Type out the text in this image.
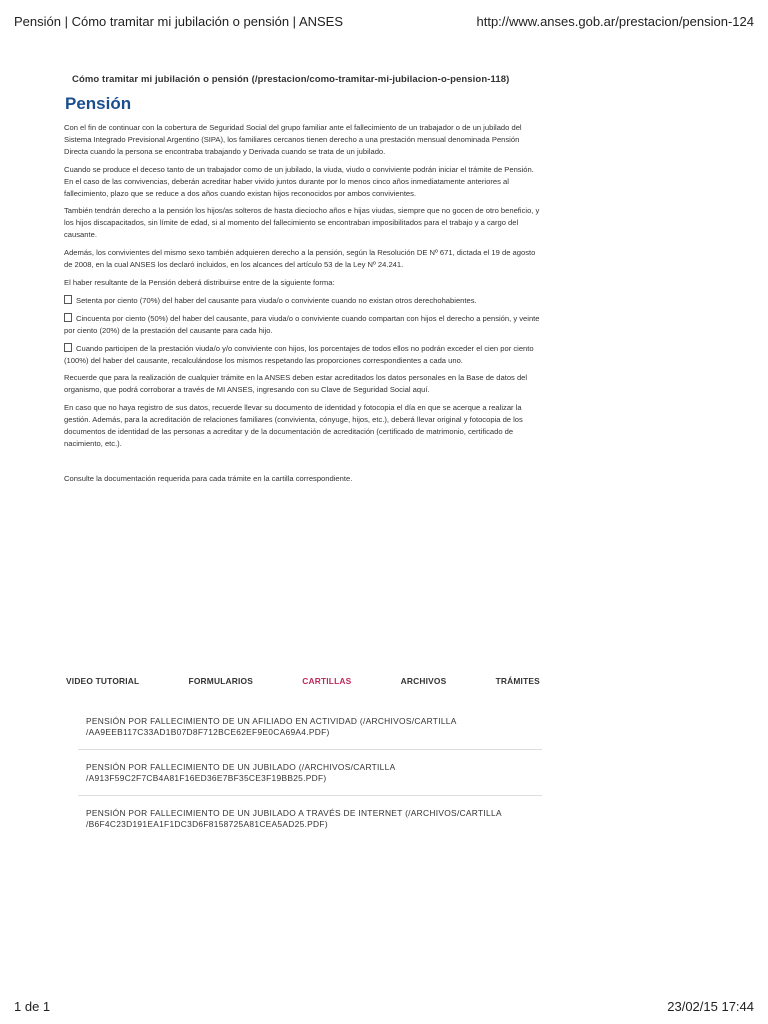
Pensión | Cómo tramitar mi jubilación o pensión | ANSES	http://www.anses.gob.ar/prestacion/pension-124
Cómo tramitar mi jubilación o pensión (/prestacion/como-tramitar-mi-jubilacion-o-pension-118)
Pensión

Con el fin de continuar con la cobertura de Seguridad Social del grupo familiar ante el fallecimiento de un trabajador o de un jubilado del Sistema Integrado Previsional Argentino (SIPA), los familiares cercanos tienen derecho a una prestación mensual denominada Pensión Directa cuando la persona se encontraba trabajando y Derivada cuando se trata de un jubilado.

Cuando se produce el deceso tanto de un trabajador como de un jubilado, la viuda, viudo o conviviente podrán iniciar el trámite de Pensión. En el caso de las convivencias, deberán acreditar haber vivido juntos durante por lo menos cinco años inmediatamente anteriores al fallecimiento, plazo que se reduce a dos años cuando existan hijos reconocidos por ambos convivientes.

También tendrán derecho a la pensión los hijos/as solteros de hasta dieciocho años e hijas viudas, siempre que no gocen de otro beneficio, y los hijos discapacitados, sin límite de edad, si al momento del fallecimiento se encontraban imposibilitados para el trabajo y a cargo del causante.

Además, los convivientes del mismo sexo también adquieren derecho a la pensión, según la Resolución DE Nº 671, dictada el 19 de agosto de 2008, en la cual ANSES los declaró incluidos, en los alcances del artículo 53 de la Ley Nº 24.241.

El haber resultante de la Pensión deberá distribuirse entre de la siguiente forma:

Setenta por ciento (70%) del haber del causante para viuda/o o conviviente cuando no existan otros derechohabientes.

Cincuenta por ciento (50%) del haber del causante, para viuda/o o conviviente cuando compartan con hijos el derecho a pensión, y veinte por ciento (20%) de la prestación del causante para cada hijo.

Cuando participen de la prestación viuda/o y/o conviviente con hijos, los porcentajes de todos ellos no podrán exceder el cien por ciento (100%) del haber del causante, recalculándose los mismos respetando las proporciones correspondientes a cada uno.

Recuerde que para la realización de cualquier trámite en la ANSES deben estar acreditados los datos personales en la Base de datos del organismo, que podrá corroborar a través de MI ANSES, ingresando con su Clave de Seguridad Social aquí.

En caso que no haya registro de sus datos, recuerde llevar su documento de identidad y fotocopia el día en que se acerque a realizar la gestión. Además, para la acreditación de relaciones familiares (convivienta, cónyuge, hijos, etc.), deberá llevar original y fotocopia de los documentos de identidad de las personas a acreditar y de la documentación de acreditación (certificado de matrimonio, certificado de nacimiento, etc.).

Consulte la documentación requerida para cada trámite en la cartilla correspondiente.
VIDEO TUTORIAL	FORMULARIOS	CARTILLAS	ARCHIVOS	TRÁMITES
PENSIÓN POR FALLECIMIENTO DE UN AFILIADO EN ACTIVIDAD (/ARCHIVOS/CARTILLA /AA9EEB117C33AD1B07D8F712BCE62EF9E0CA69A4.PDF)
PENSIÓN POR FALLECIMIENTO DE UN JUBILADO (/ARCHIVOS/CARTILLA /A913F59C2F7CB4A81F16ED36E7BF35CE3F19BB25.PDF)
PENSIÓN POR FALLECIMIENTO DE UN JUBILADO A TRAVÉS DE INTERNET (/ARCHIVOS/CARTILLA /B6F4C23D191EA1F1DC3D6F8158725A81CEA5AD25.PDF)
1 de 1	23/02/15 17:44
